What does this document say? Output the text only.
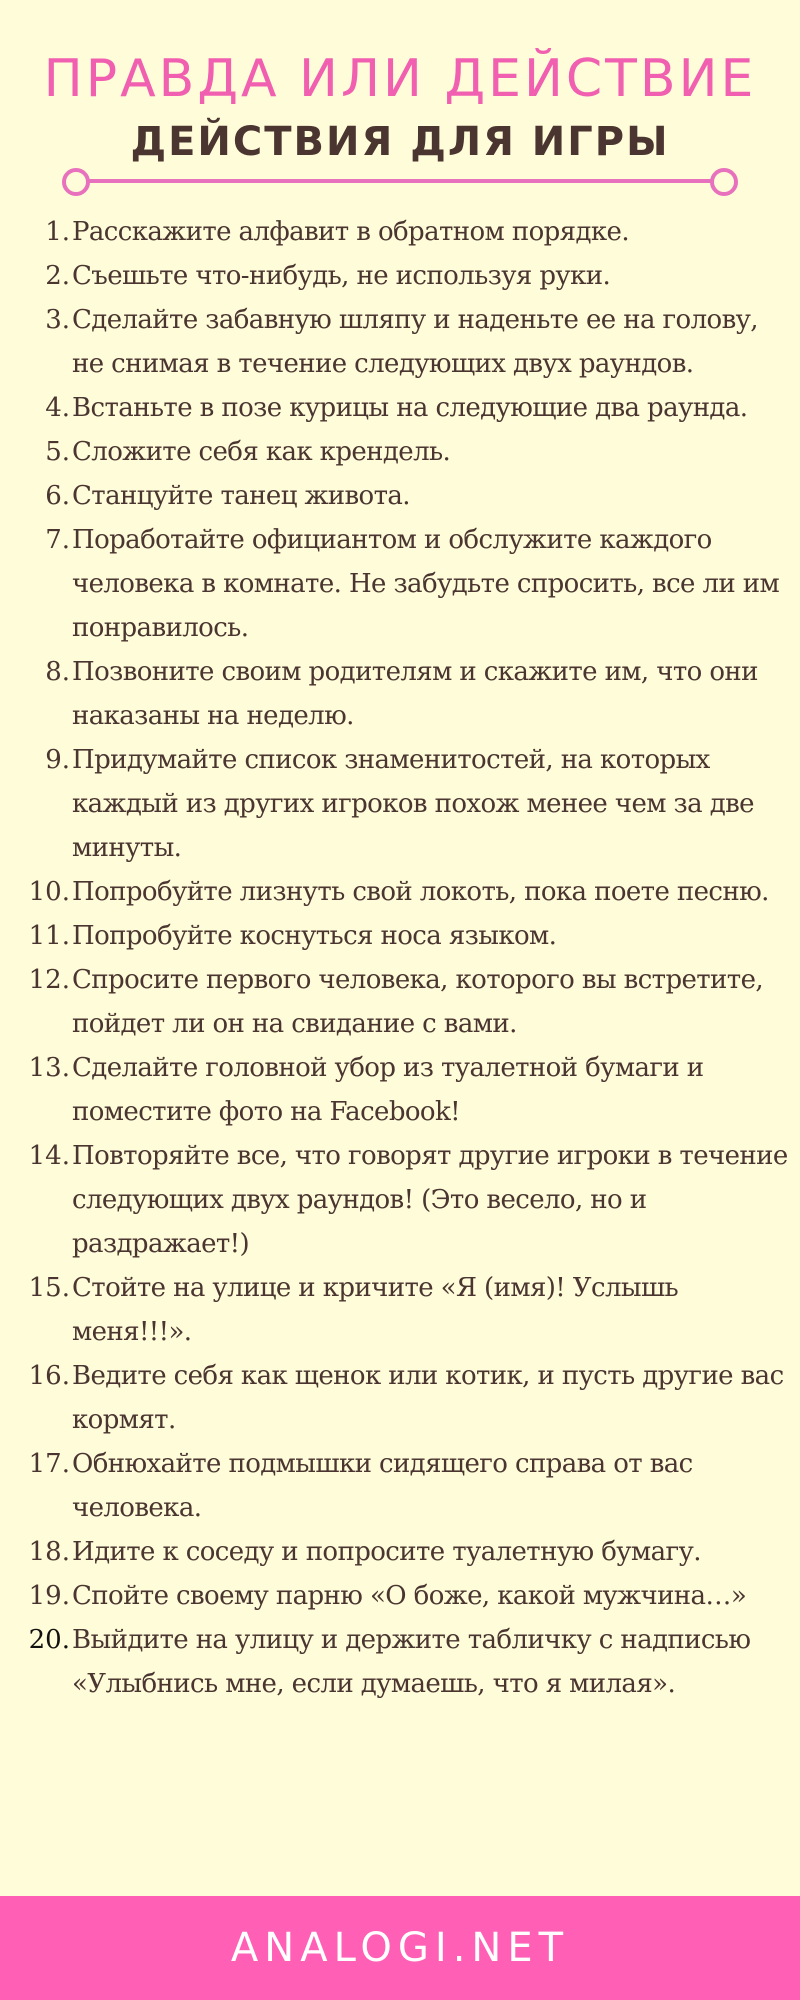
ПРАВДА ИЛИ ДЕЙСТВИЕ
ДЕЙСТВИЯ ДЛЯ ИГРЫ
1. Расскажите алфавит в обратном порядке.
2. Съешьте что-нибудь, не используя руки.
3. Сделайте забавную шляпу и наденьте ее на голову, не снимая в течение следующих двух раундов.
4. Встаньте в позе курицы на следующие два раунда.
5. Сложите себя как крендель.
6. Станцуйте танец живота.
7. Поработайте официантом и обслужите каждого человека в комнате. Не забудьте спросить, все ли им понравилось.
8. Позвоните своим родителям и скажите им, что они наказаны на неделю.
9. Придумайте список знаменитостей, на которых каждый из других игроков похож менее чем за две минуты.
10. Попробуйте лизнуть свой локоть, пока поете песню.
11. Попробуйте коснуться носа языком.
12. Спросите первого человека, которого вы встретите, пойдет ли он на свидание с вами.
13. Сделайте головной убор из туалетной бумаги и поместите фото на Facebook!
14. Повторяйте все, что говорят другие игроки в течение следующих двух раундов! (Это весело, но и раздражает!)
15. Стойте на улице и кричите «Я (имя)! Услышь меня!!!».
16. Ведите себя как щенок или котик, и пусть другие вас кормят.
17. Обнюхайте подмышки сидящего справа от вас человека.
18. Идите к соседу и попросите туалетную бумагу.
19. Спойте своему парню «О боже, какой мужчина…»
20. Выйдите на улицу и держите табличку с надписью «Улыбнись мне, если думаешь, что я милая».
ANALOGI.NET
